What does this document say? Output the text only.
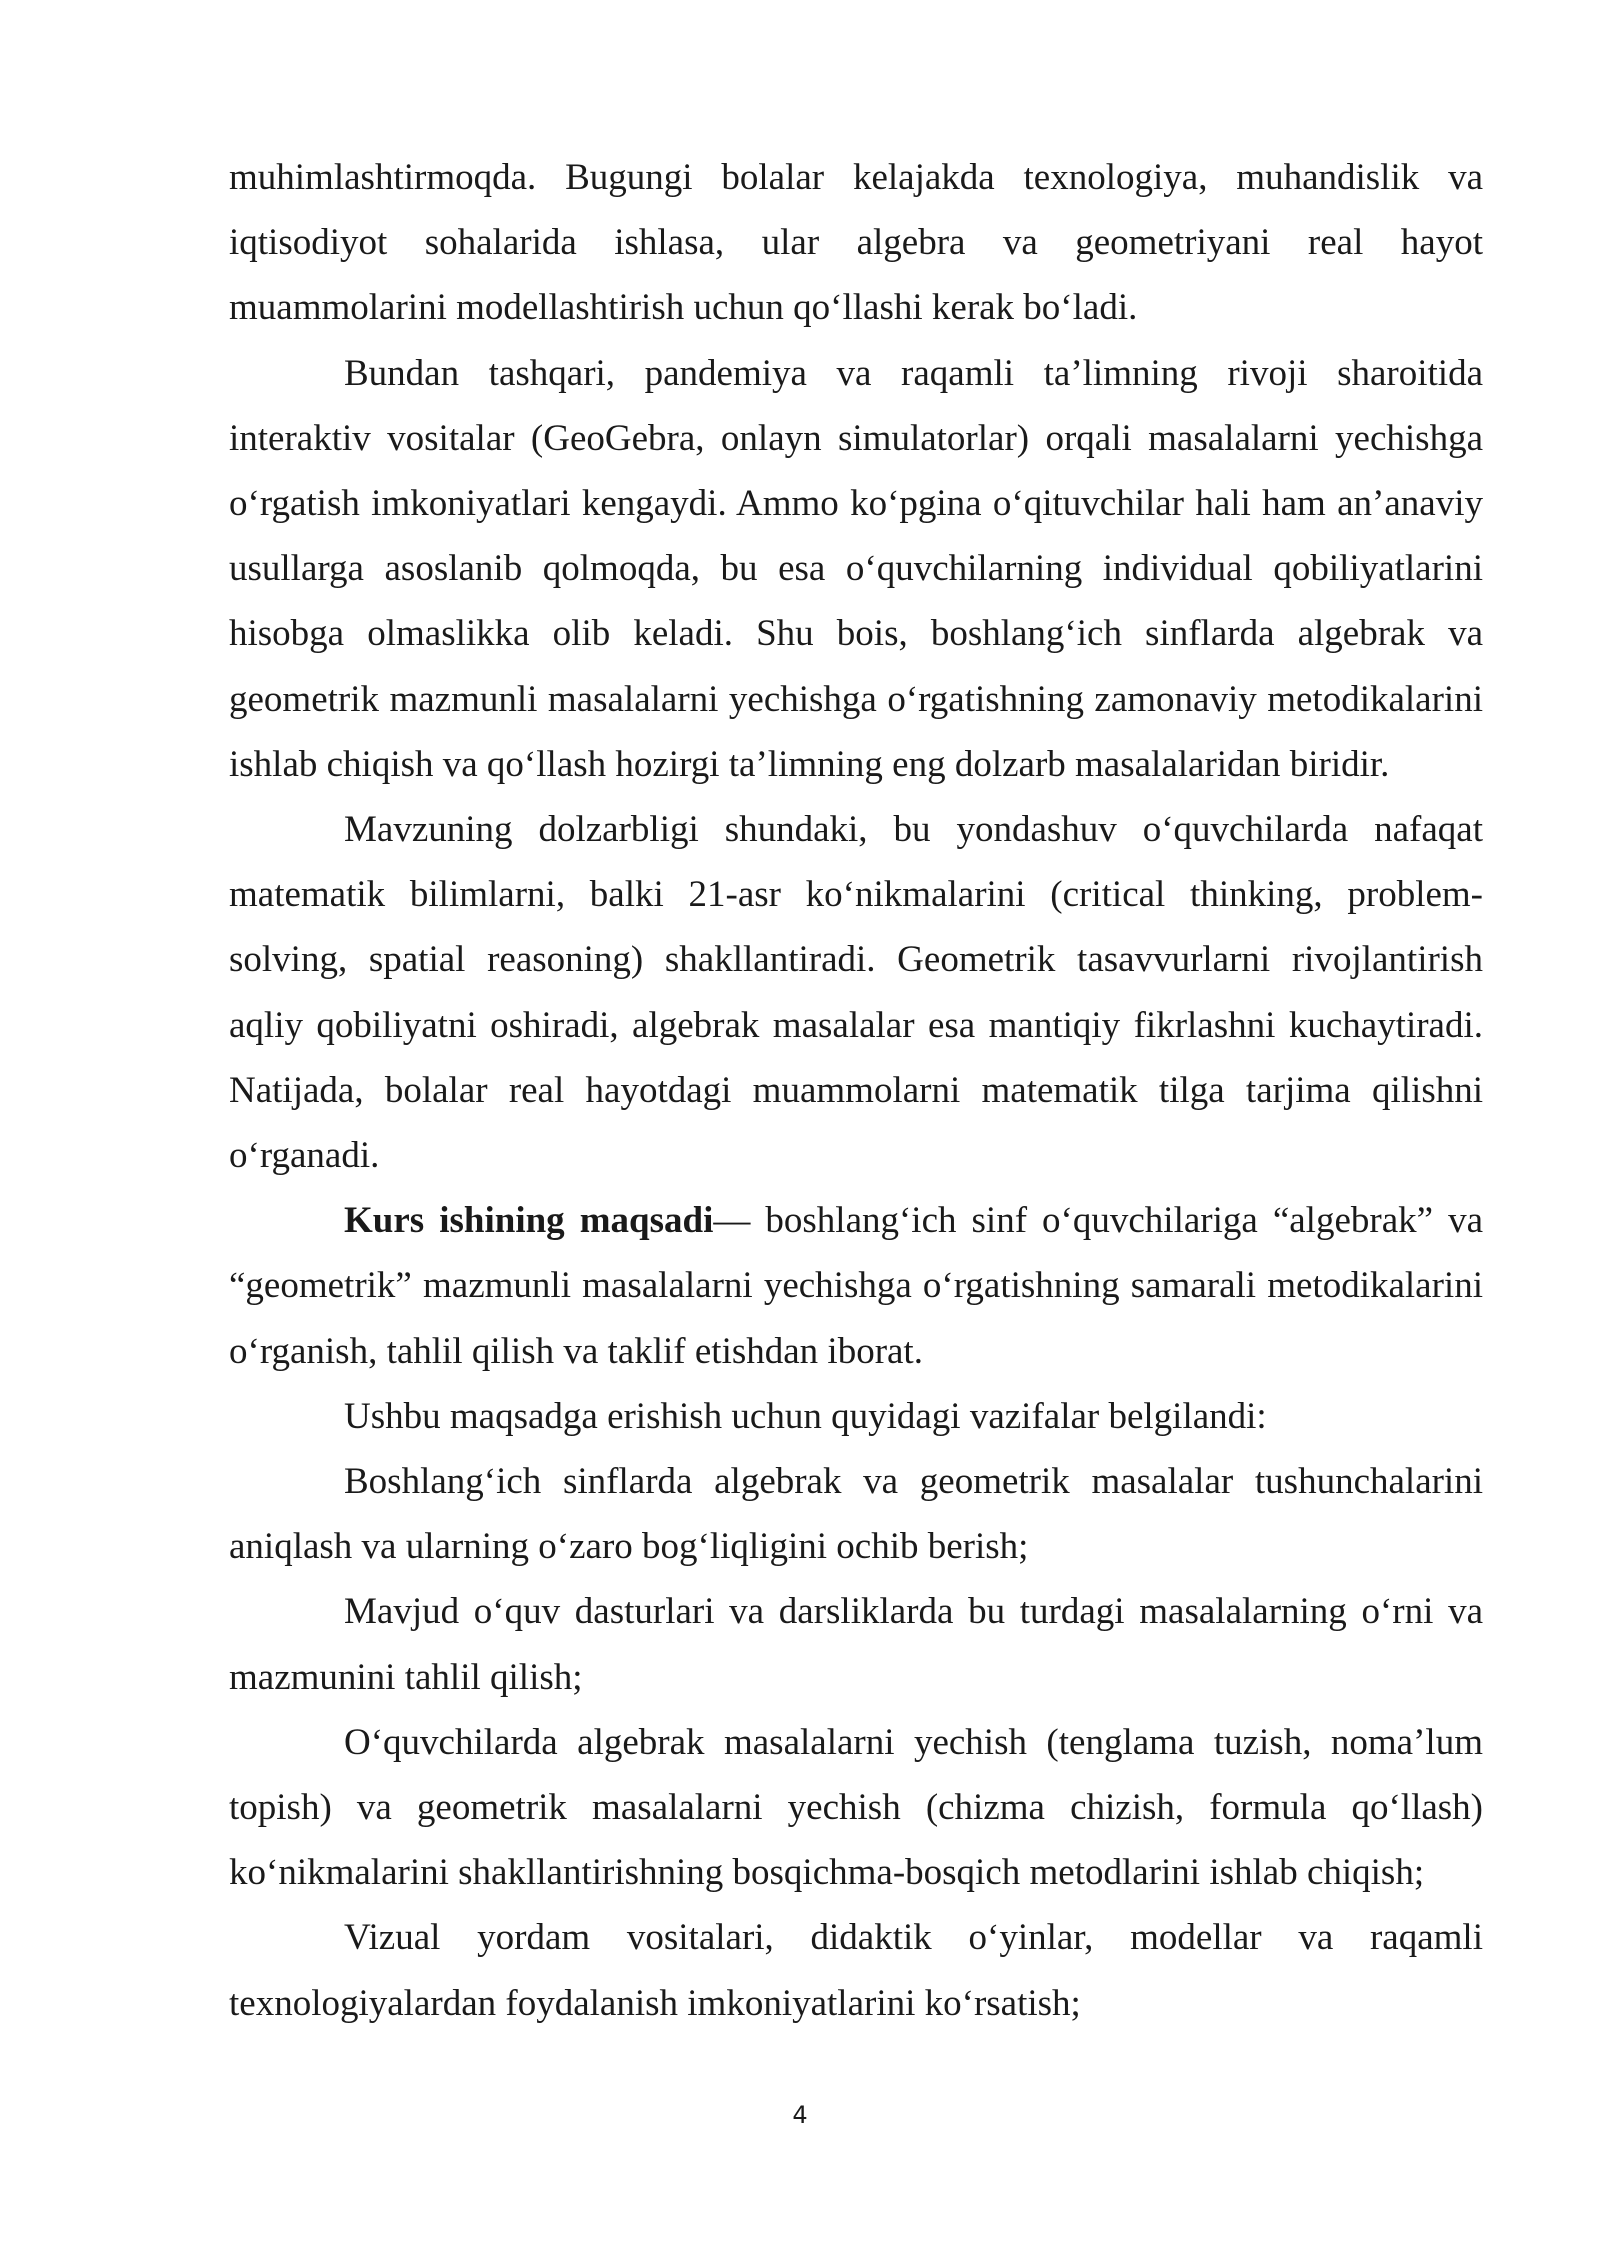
muhimlashtirmoqda. Bugungi bolalar kelajakda texnologiya, muhandislik va iqtisodiyot sohalarida ishlasa, ular algebra va geometriyani real hayot muammolarini modellashtirish uchun qo‘llashi kerak bo‘ladi.

Bundan tashqari, pandemiya va raqamli ta’limning rivoji sharoitida interaktiv vositalar (GeoGebra, onlayn simulatorlar) orqali masalalarni yechishga o‘rgatish imkoniyatlari kengaydi. Ammo ko‘pgina o‘qituvchilar hali ham an’anaviy usullarga asoslanib qolmoqda, bu esa o‘quvchilarning individual qobiliyatlarini hisobga olmaslikka olib keladi. Shu bois, boshlang‘ich sinflarda algebrak va geometrik mazmunli masalalarni yechishga o‘rgatishning zamonaviy metodikalarini ishlab chiqish va qo‘llash hozirgi ta’limning eng dolzarb masalalaridan biridir.

Mavzuning dolzarbligi shundaki, bu yondashuv o‘quvchilarda nafaqat matematik bilimlarni, balki 21-asr ko‘nikmalarini (critical thinking, problem-solving, spatial reasoning) shakllantiradi. Geometrik tasavvurlarni rivojlantirish aqliy qobiliyatni oshiradi, algebrak masalalar esa mantiqiy fikrlashni kuchaytiradi. Natijada, bolalar real hayotdagi muammolarni matematik tilga tarjima qilishni o‘rganadi.

Kurs ishining maqsadi— boshlang‘ich sinf o‘quvchilariga “algebrak” va “geometrik” mazmunli masalalarni yechishga o‘rgatishning samarali metodikalarini o‘rganish, tahlil qilish va taklif etishdan iborat.

Ushbu maqsadga erishish uchun quyidagi vazifalar belgilandi:

Boshlang‘ich sinflarda algebrak va geometrik masalalar tushunchalarini aniqlash va ularning o‘zaro bog‘liqligini ochib berish;

Mavjud o‘quv dasturlari va darsliklarda bu turdagi masalalarning o‘rni va mazmunini tahlil qilish;

O‘quvchilarda algebrak masalalarni yechish (tenglama tuzish, noma’lum topish) va geometrik masalalarni yechish (chizma chizish, formula qo‘llash) ko‘nikmalarini shakllantirishning bosqichma-bosqich metodlarini ishlab chiqish;

Vizual yordam vositalari, didaktik o‘yinlar, modellar va raqamli texnologiyalardan foydalanish imkoniyatlarini ko‘rsatish;

4
